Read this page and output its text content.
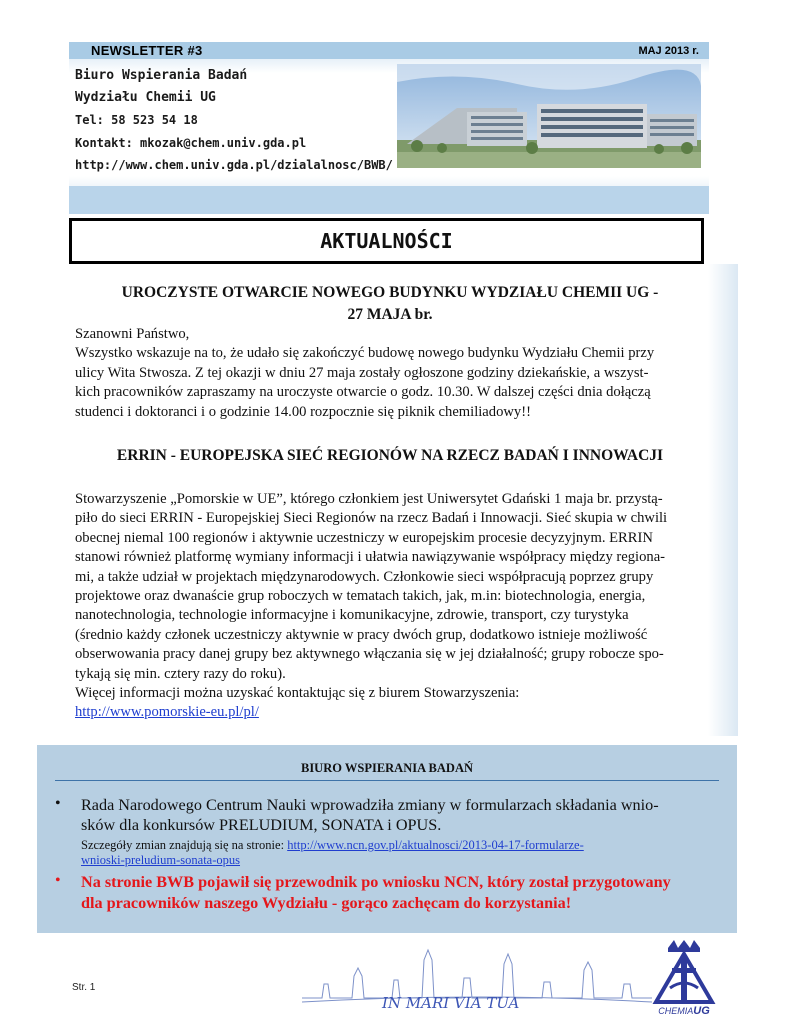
NEWSLETTER #3	MAJ 2013 r.
Biuro Wspierania Badań
Wydziału Chemii UG
Tel: 58 523 54 18
Kontakt: mkozak@chem.univ.gda.pl
http://www.chem.univ.gda.pl/dzialalnosc/BWB/
AKTUALNOŚCI
UROCZYSTE OTWARCIE NOWEGO BUDYNKU WYDZIAŁU CHEMII UG -
27 MAJA br.

Szanowni Państwo,

Wszystko wskazuje na to, że udało się zakończyć budowę nowego budynku Wydziału Chemii przy

ulicy Wita Stwosza. Z tej okazji w dniu 27 maja zostały ogłoszone godziny dziekańskie, a wszyst-

kich pracowników zapraszamy na uroczyste otwarcie o godz. 10.30. W dalszej części dnia dołączą

studenci i doktoranci i o godzinie 14.00 rozpocznie się piknik chemiliadowy!!

ERRIN - EUROPEJSKA SIEĆ REGIONÓW NA RZECZ BADAŃ I INNOWACJI

Stowarzyszenie „Pomorskie w UE”, którego członkiem jest Uniwersytet Gdański 1 maja br. przystą-

piło do sieci ERRIN - Europejskiej Sieci Regionów na rzecz Badań i Innowacji. Sieć skupia w chwili

obecnej niemal 100 regionów i aktywnie uczestniczy w europejskim procesie decyzyjnym. ERRIN

stanowi również platformę wymiany informacji i ułatwia nawiązywanie współpracy między regiona-

mi, a także udział w projektach międzynarodowych. Członkowie sieci współpracują poprzez grupy

projektowe oraz dwanaście grup roboczych w tematach takich, jak, m.in: biotechnologia, energia,

nanotechnologia, technologie informacyjne i komunikacyjne, zdrowie, transport, czy turystyka

(średnio każdy członek uczestniczy aktywnie w pracy dwóch grup, dodatkowo istnieje możliwość

obserwowania pracy danej grupy bez aktywnego włączania się w jej działalność; grupy robocze spo-

tykają się min. cztery razy do roku).

Więcej informacji można uzyskać kontaktując się z biurem Stowarzyszenia:

http://www.pomorskie-eu.pl/pl/

BIURO WSPIERANIA BADAŃ
• Rada Narodowego Centrum Nauki wprowadziła zmiany w formularzach składania wnio-
sków dla konkursów PRELUDIUM, SONATA i OPUS.
Szczegóły zmian znajdują się na stronie: http://www.ncn.gov.pl/aktualnosci/2013-04-17-formularze-
wnioski-preludium-sonata-opus
• Na stronie BWB pojawił się przewodnik po wniosku NCN, który został przygotowany
dla pracowników naszego Wydziału - gorąco zachęcam do korzystania!
Str. 1
IN MARI VIA TUA	CHEMIAUG
